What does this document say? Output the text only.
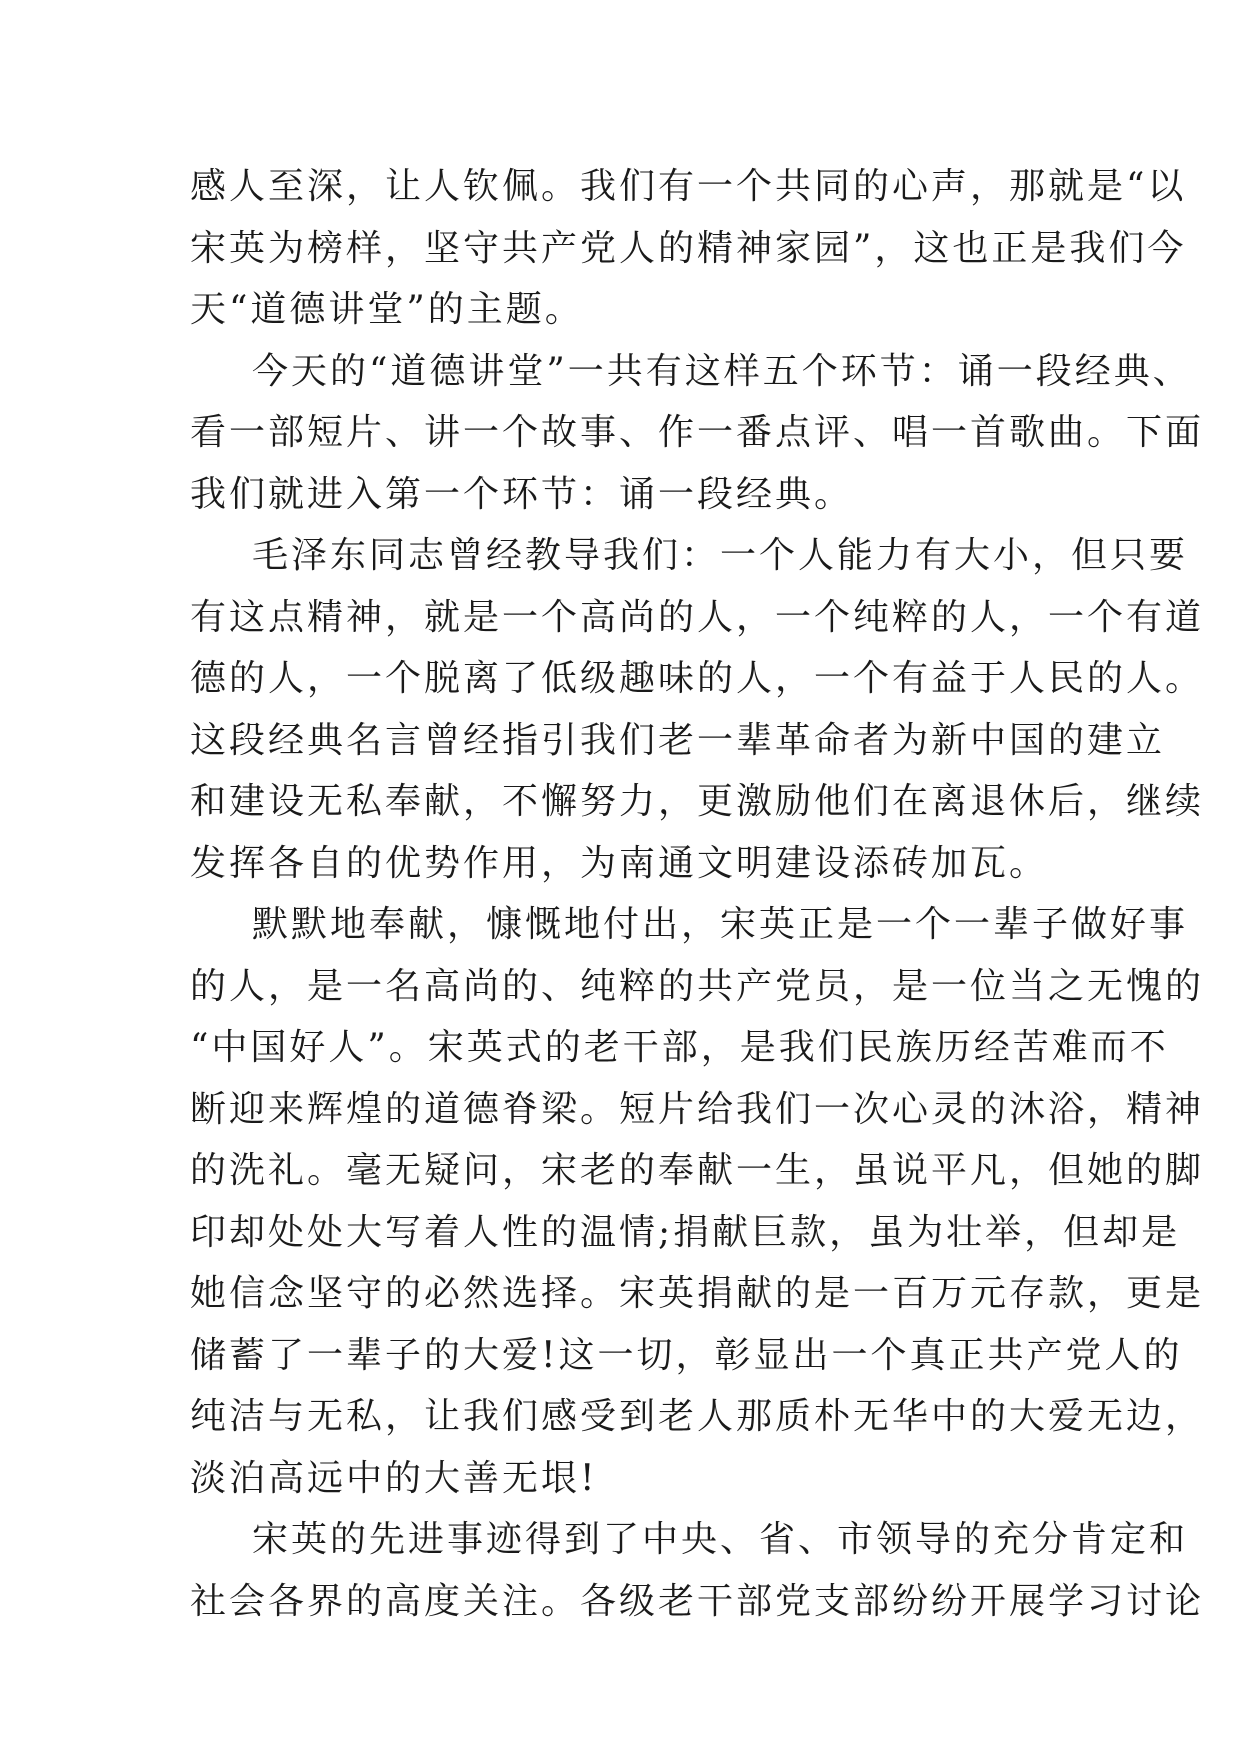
感人至深，让人钦佩。我们有一个共同的心声，那就是“以
宋英为榜样，坚守共产党人的精神家园”，这也正是我们今
天“道德讲堂”的主题。
今天的“道德讲堂”一共有这样五个环节：诵一段经典、
看一部短片、讲一个故事、作一番点评、唱一首歌曲。下面
我们就进入第一个环节：诵一段经典。
毛泽东同志曾经教导我们：一个人能力有大小，但只要
有这点精神，就是一个高尚的人，一个纯粹的人，一个有道
德的人，一个脱离了低级趣味的人，一个有益于人民的人。
这段经典名言曾经指引我们老一辈革命者为新中国的建立
和建设无私奉献，不懈努力，更激励他们在离退休后，继续
发挥各自的优势作用，为南通文明建设添砖加瓦。
默默地奉献，慷慨地付出，宋英正是一个一辈子做好事
的人，是一名高尚的、纯粹的共产党员，是一位当之无愧的
“中国好人”。宋英式的老干部，是我们民族历经苦难而不
断迎来辉煌的道德脊梁。短片给我们一次心灵的沐浴，精神
的洗礼。毫无疑问，宋老的奉献一生，虽说平凡，但她的脚
印却处处大写着人性的温情;捐献巨款，虽为壮举，但却是
她信念坚守的必然选择。宋英捐献的是一百万元存款，更是
储蓄了一辈子的大爱!这一切，彰显出一个真正共产党人的
纯洁与无私，让我们感受到老人那质朴无华中的大爱无边，
淡泊高远中的大善无垠!
宋英的先进事迹得到了中央、省、市领导的充分肯定和
社会各界的高度关注。各级老干部党支部纷纷开展学习讨论
